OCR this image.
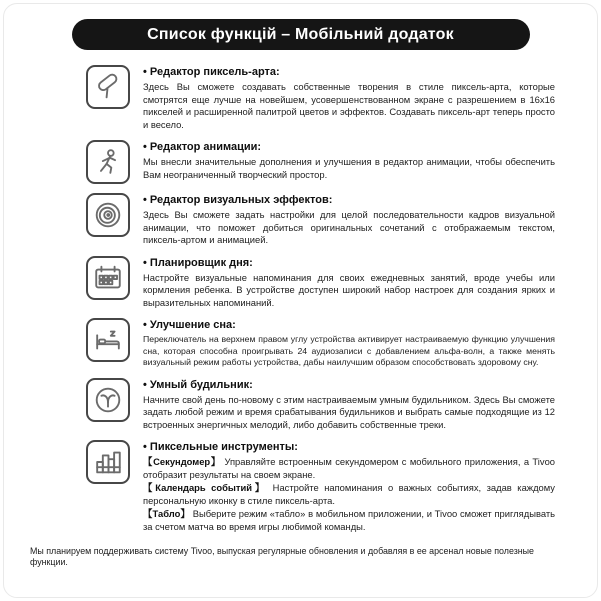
Список функцій – Мобільний додаток
• Редактор пиксель-арта:

Здесь Вы сможете создавать собственные творения в стиле пиксель-арта, которые смотрятся еще лучше на новейшем, усовершенствованном экране с разрешением в 16х16 пикселей и расширенной палитрой цветов и эффектов. Создавать пиксель-арт теперь просто и весело.

• Редактор анимации:

Мы внесли значительные дополнения и улучшения в редактор анимации, чтобы обеспечить Вам неограниченный творческий простор.

• Редактор визуальных эффектов:

Здесь Вы сможете задать настройки для целой последовательности кадров визуальной анимации, что поможет добиться оригинальных сочетаний с отображаемым текстом, пиксель-артом и анимацией.

• Планировщик дня:

Настройте визуальные напоминания для своих ежедневных занятий, вроде учебы или кормления ребенка. В устройстве доступен широкий набор настроек для создания ярких и выразительных напоминаний.

• Улучшение сна:

Переключатель на верхнем правом углу устройства активирует настраиваемую функцию улучшения сна, которая способна проигрывать 24 аудиозаписи с добавлением альфа-волн, а также менять визуальный режим работы устройства, дабы наилучшим образом способствовать здоровому сну.

• Умный будильник:

Начните свой день по-новому с этим настраиваемым умным будильником. Здесь Вы сможете задать любой режим и время срабатывания будильников и выбрать самые подходящие из 12 встроенных энергичных мелодий, либо добавить собственные треки.

• Пиксельные инструменты:

【Секундомер】 Управляйте встроенным секундомером с мобильного приложения, а Tivoo отобразит результаты на своем экране.

【Календарь событий】 Настройте напоминания о важных событиях, задав каждому персональную иконку в стиле пиксель-арта.

【Табло】 Выберите режим «табло» в мобильном приложении, и Tivoo сможет приглядывать за счетом матча во время игры любимой команды.

Мы планируем поддерживать систему Tivoo, выпуская регулярные обновления и добавляя в ее арсенал новые полезные функции.
